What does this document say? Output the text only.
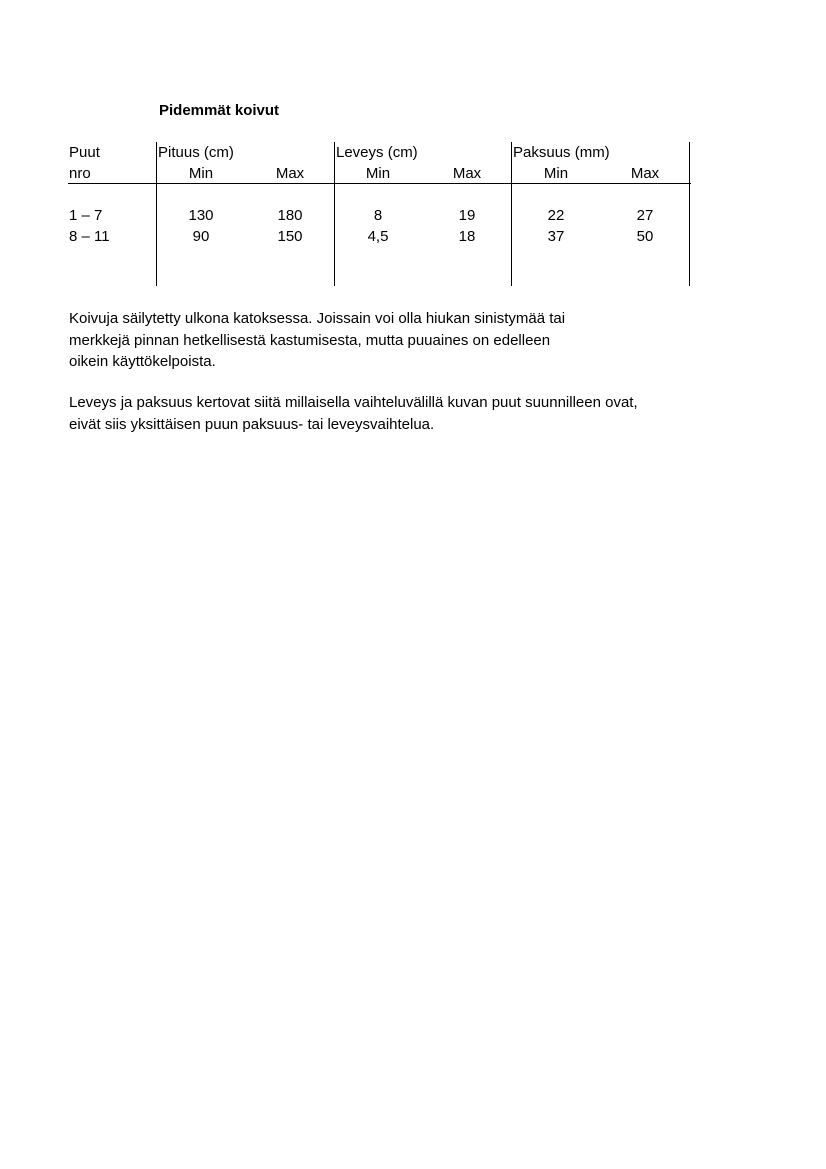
Pidemmät koivut
Puut	Pituus (cm)	Leveys (cm)	Paksuus (mm)
nro	Min	Max	Min	Max	Min	Max
1 – 7	130	180	8	19	22	27
8 – 11	90	150	4,5	18	37	50
Koivuja säilytetty ulkona katoksessa. Joissain voi olla hiukan sinistymää tai
merkkejä pinnan hetkellisestä kastumisesta, mutta puuaines on edelleen
oikein käyttökelpoista.
Leveys ja paksuus kertovat siitä millaisella vaihteluvälillä kuvan puut suunnilleen ovat,
eivät siis yksittäisen puun paksuus- tai leveysvaihtelua.
